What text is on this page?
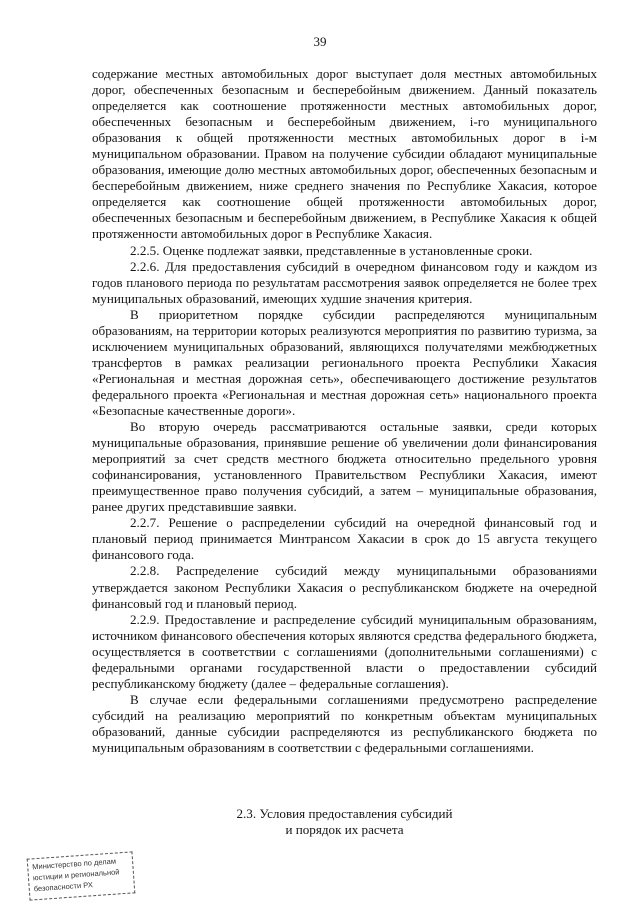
39

содержание местных автомобильных дорог выступает доля местных автомобильных дорог, обеспеченных безопасным и бесперебойным движением. Данный показатель определяется как соотношение протяженности местных автомобильных дорог, обеспеченных безопасным и бесперебойным движением, i-го муниципального образования к общей протяженности местных автомобильных дорог в i-м муниципальном образовании. Правом на получение субсидии обладают муниципальные образования, имеющие долю местных автомобильных дорог, обеспеченных безопасным и бесперебойным движением, ниже среднего значения по Республике Хакасия, которое определяется как соотношение общей протяженности автомобильных дорог, обеспеченных безопасным и бесперебойным движением, в Республике Хакасия к общей протяженности автомобильных дорог в Республике Хакасия.

2.2.5. Оценке подлежат заявки, представленные в установленные сроки.

2.2.6. Для предоставления субсидий в очередном финансовом году и каждом из годов планового периода по результатам рассмотрения заявок определяется не более трех муниципальных образований, имеющих худшие значения критерия.

В приоритетном порядке субсидии распределяются муниципальным образованиям, на территории которых реализуются мероприятия по развитию туризма, за исключением муниципальных образований, являющихся получателями межбюджетных трансфертов в рамках реализации регионального проекта Республики Хакасия «Региональная и местная дорожная сеть», обеспечивающего достижение результатов федерального проекта «Региональная и местная дорожная сеть» национального проекта «Безопасные качественные дороги».

Во вторую очередь рассматриваются остальные заявки, среди которых муниципальные образования, принявшие решение об увеличении доли финансирования мероприятий за счет средств местного бюджета относительно предельного уровня софинансирования, установленного Правительством Республики Хакасия, имеют преимущественное право получения субсидий, а затем – муниципальные образования, ранее других представившие заявки.

2.2.7. Решение о распределении субсидий на очередной финансовый год и плановый период принимается Минтрансом Хакасии в срок до 15 августа текущего финансового года.

2.2.8. Распределение субсидий между муниципальными образованиями утверждается законом Республики Хакасия о республиканском бюджете на очередной финансовый год и плановый период.

2.2.9. Предоставление и распределение субсидий муниципальным образованиям, источником финансового обеспечения которых являются средства федерального бюджета, осуществляется в соответствии с соглашениями (дополнительными соглашениями) с федеральными органами государственной власти о предоставлении субсидий республиканскому бюджету (далее – федеральные соглашения).

В случае если федеральными соглашениями предусмотрено распределение субсидий на реализацию мероприятий по конкретным объектам муниципальных образований, данные субсидии распределяются из республиканского бюджета по муниципальным образованиям в соответствии с федеральными соглашениями.

2.3. Условия предоставления субсидий
и порядок их расчета
Министерство по делам
юстиции и региональной
безопасности РХ
